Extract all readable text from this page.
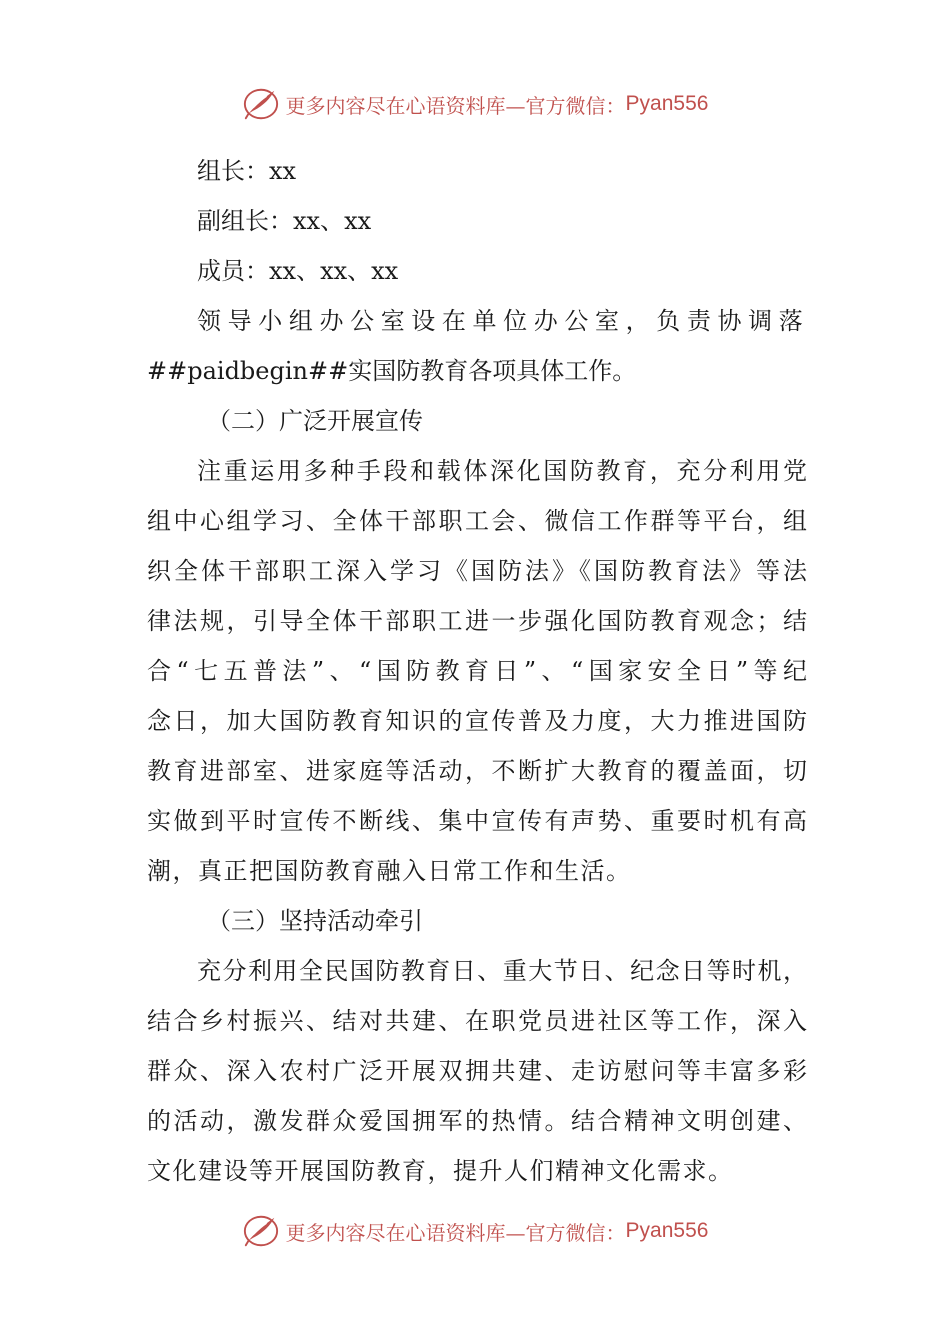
更多内容尽在心语资料库—官方微信： Pyan556
组长：xx
副组长：xx、xx
成员：xx、xx、xx
领导小组办公室设在单位办公室，负责协调落
##paidbegin##实国防教育各项具体工作。
（二）广泛开展宣传
注重运用多种手段和载体深化国防教育，充分利用党
组中心组学习、全体干部职工会、微信工作群等平台，组
织全体干部职工深入学习《国防法》《国防教育法》等法
律法规，引导全体干部职工进一步强化国防教育观念；结
合“七五普法”、“国防教育日”、“国家安全日”等纪
念日，加大国防教育知识的宣传普及力度，大力推进国防
教育进部室、进家庭等活动，不断扩大教育的覆盖面，切
实做到平时宣传不断线、集中宣传有声势、重要时机有高
潮，真正把国防教育融入日常工作和生活。
（三）坚持活动牵引
充分利用全民国防教育日、重大节日、纪念日等时机，
结合乡村振兴、结对共建、在职党员进社区等工作，深入
群众、深入农村广泛开展双拥共建、走访慰问等丰富多彩
的活动，激发群众爱国拥军的热情。结合精神文明创建、
文化建设等开展国防教育，提升人们精神文化需求。
更多内容尽在心语资料库—官方微信： Pyan556
